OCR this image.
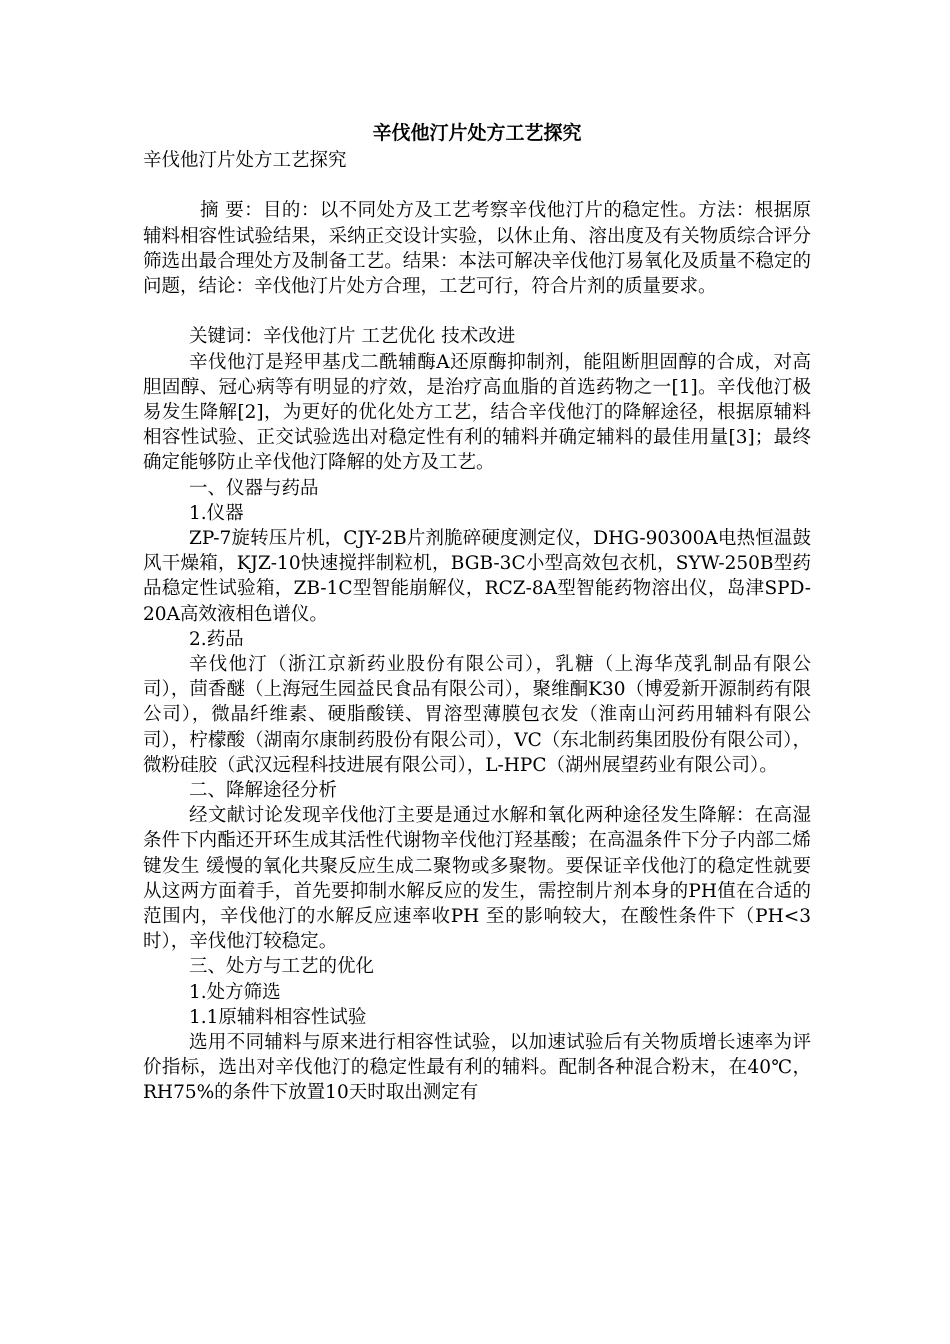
辛伐他汀片处方工艺探究

辛伐他汀片处方工艺探究

摘 要：目的：以不同处方及工艺考察辛伐他汀片的稳定性。方法：根据原辅料相容性试验结果，采纳正交设计实验，以休止角、溶出度及有关物质综合评分筛选出最合理处方及制备工艺。结果：本法可解决辛伐他汀易氧化及质量不稳定的问题，结论：辛伐他汀片处方合理，工艺可行，符合片剂的质量要求。

关键词：辛伐他汀片 工艺优化 技术改进

辛伐他汀是羟甲基戊二酰辅酶A还原酶抑制剂，能阻断胆固醇的合成，对高胆固醇、冠心病等有明显的疗效，是治疗高血脂的首选药物之一[1]。辛伐他汀极易发生降解[2]，为更好的优化处方工艺，结合辛伐他汀的降解途径，根据原辅料相容性试验、正交试验选出对稳定性有利的辅料并确定辅料的最佳用量[3]；最终确定能够防止辛伐他汀降解的处方及工艺。

一、仪器与药品

1.仪器

ZP-7旋转压片机，CJY-2B片剂脆碎硬度测定仪，DHG-90300A电热恒温鼓风干燥箱，KJZ-10快速搅拌制粒机，BGB-3C小型高效包衣机，SYW-250B型药品稳定性试验箱，ZB-1C型智能崩解仪，RCZ-8A型智能药物溶出仪，岛津SPD-20A高效液相色谱仪。

2.药品

辛伐他汀（浙江京新药业股份有限公司），乳糖（上海华茂乳制品有限公司），茴香醚（上海冠生园益民食品有限公司），聚维酮K30（博爱新开源制药有限公司），微晶纤维素、硬脂酸镁、胃溶型薄膜包衣发（淮南山河药用辅料有限公司），柠檬酸（湖南尔康制药股份有限公司），VC（东北制药集团股份有限公司），微粉硅胶（武汉远程科技进展有限公司），L-HPC（湖州展望药业有限公司）。

二、降解途径分析

经文献讨论发现辛伐他汀主要是通过水解和氧化两种途径发生降解：在高湿条件下内酯还开环生成其活性代谢物辛伐他汀羟基酸；在高温条件下分子内部二烯键发生 缓慢的氧化共聚反应生成二聚物或多聚物。要保证辛伐他汀的稳定性就要从这两方面着手，首先要抑制水解反应的发生，需控制片剂本身的PH值在合适的范围内，辛伐他汀的水解反应速率收PH 至的影响较大，在酸性条件下（PH<3时），辛伐他汀较稳定。

三、处方与工艺的优化

1.处方筛选

1.1原辅料相容性试验

选用不同辅料与原来进行相容性试验，以加速试验后有关物质增长速率为评价指标，选出对辛伐他汀的稳定性最有利的辅料。配制各种混合粉末，在40℃，RH75%的条件下放置10天时取出测定有
